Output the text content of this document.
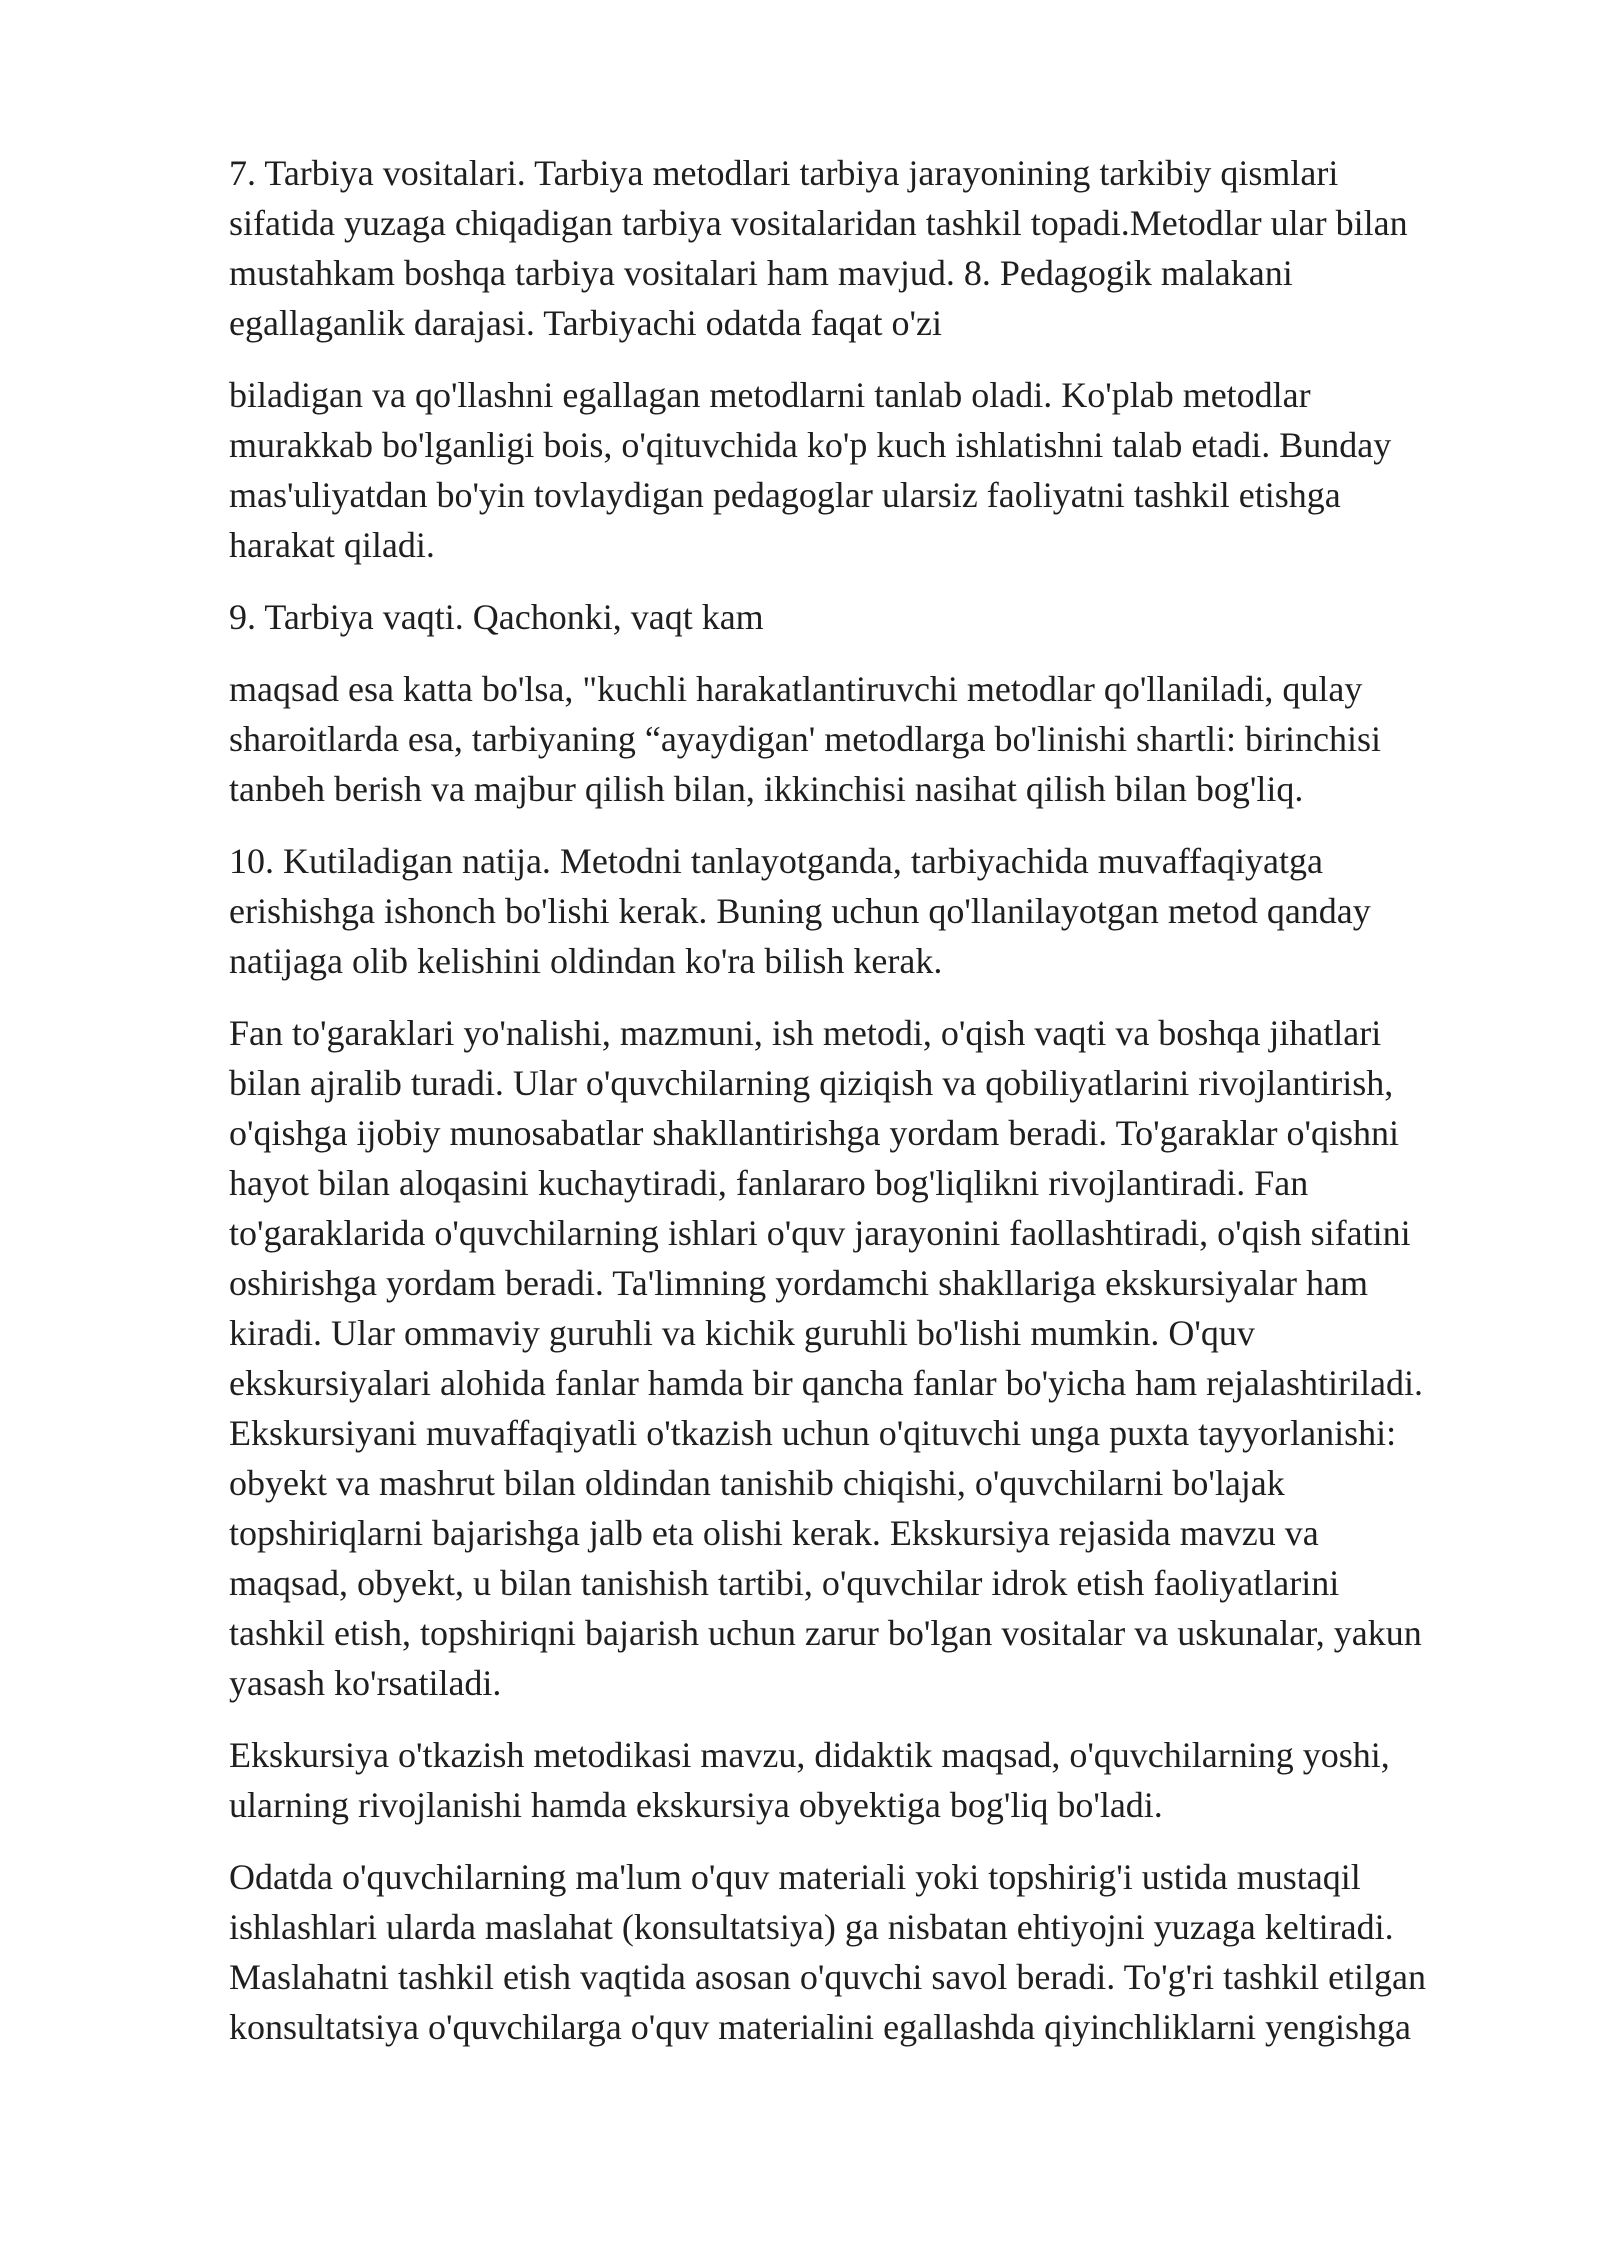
7. Tarbiya vositalari. Tarbiya metodlari tarbiya jarayonining tarkibiy qismlari
sifatida yuzaga chiqadigan tarbiya vositalaridan tashkil topadi.Metodlar ular bilan
mustahkam boshqa tarbiya vositalari ham mavjud. 8. Pedagogik malakani
egallaganlik darajasi. Tarbiyachi odatda faqat o'zi

biladigan va qo'llashni egallagan metodlarni tanlab oladi. Ko'plab metodlar
murakkab bo'lganligi bois, o'qituvchida ko'p kuch ishlatishni talab etadi. Bunday
mas'uliyatdan bo'yin tovlaydigan pedagoglar ularsiz faoliyatni tashkil etishga
harakat qiladi.

9. Tarbiya vaqti. Qachonki, vaqt kam

maqsad esa katta bo'lsa, "kuchli harakatlantiruvchi metodlar qo'llaniladi, qulay
sharoitlarda esa, tarbiyaning “ayaydigan' metodlarga bo'linishi shartli: birinchisi
tanbeh berish va majbur qilish bilan, ikkinchisi nasihat qilish bilan bog'liq.

10. Kutiladigan natija. Metodni tanlayotganda, tarbiyachida muvaffaqiyatga
erishishga ishonch bo'lishi kerak. Buning uchun qo'llanilayotgan metod qanday
natijaga olib kelishini oldindan ko'ra bilish kerak.

Fan to'garaklari yo'nalishi, mazmuni, ish metodi, o'qish vaqti va boshqa jihatlari
bilan ajralib turadi. Ular o'quvchilarning qiziqish va qobiliyatlarini rivojlantirish,
o'qishga ijobiy munosabatlar shakllantirishga yordam beradi. To'garaklar o'qishni
hayot bilan aloqasini kuchaytiradi, fanlararo bog'liqlikni rivojlantiradi. Fan
to'garaklarida o'quvchilarning ishlari o'quv jarayonini faollashtiradi, o'qish sifatini
oshirishga yordam beradi. Ta'limning yordamchi shakllariga ekskursiyalar ham
kiradi. Ular ommaviy guruhli va kichik guruhli bo'lishi mumkin. O'quv
ekskursiyalari alohida fanlar hamda bir qancha fanlar bo'yicha ham rejalashtiriladi.
Ekskursiyani muvaffaqiyatli o'tkazish uchun o'qituvchi unga puxta tayyorlanishi:
obyekt va mashrut bilan oldindan tanishib chiqishi, o'quvchilarni bo'lajak
topshiriqlarni bajarishga jalb eta olishi kerak. Ekskursiya rejasida mavzu va
maqsad, obyekt, u bilan tanishish tartibi, o'quvchilar idrok etish faoliyatlarini
tashkil etish, topshiriqni bajarish uchun zarur bo'lgan vositalar va uskunalar, yakun
yasash ko'rsatiladi.

Ekskursiya o'tkazish metodikasi mavzu, didaktik maqsad, o'quvchilarning yoshi,
ularning rivojlanishi hamda ekskursiya obyektiga bog'liq bo'ladi.

Odatda o'quvchilarning ma'lum o'quv materiali yoki topshirig'i ustida mustaqil
ishlashlari ularda maslahat (konsultatsiya) ga nisbatan ehtiyojni yuzaga keltiradi.
Maslahatni tashkil etish vaqtida asosan o'quvchi savol beradi. To'g'ri tashkil etilgan
konsultatsiya o'quvchilarga o'quv materialini egallashda qiyinchliklarni yengishga
